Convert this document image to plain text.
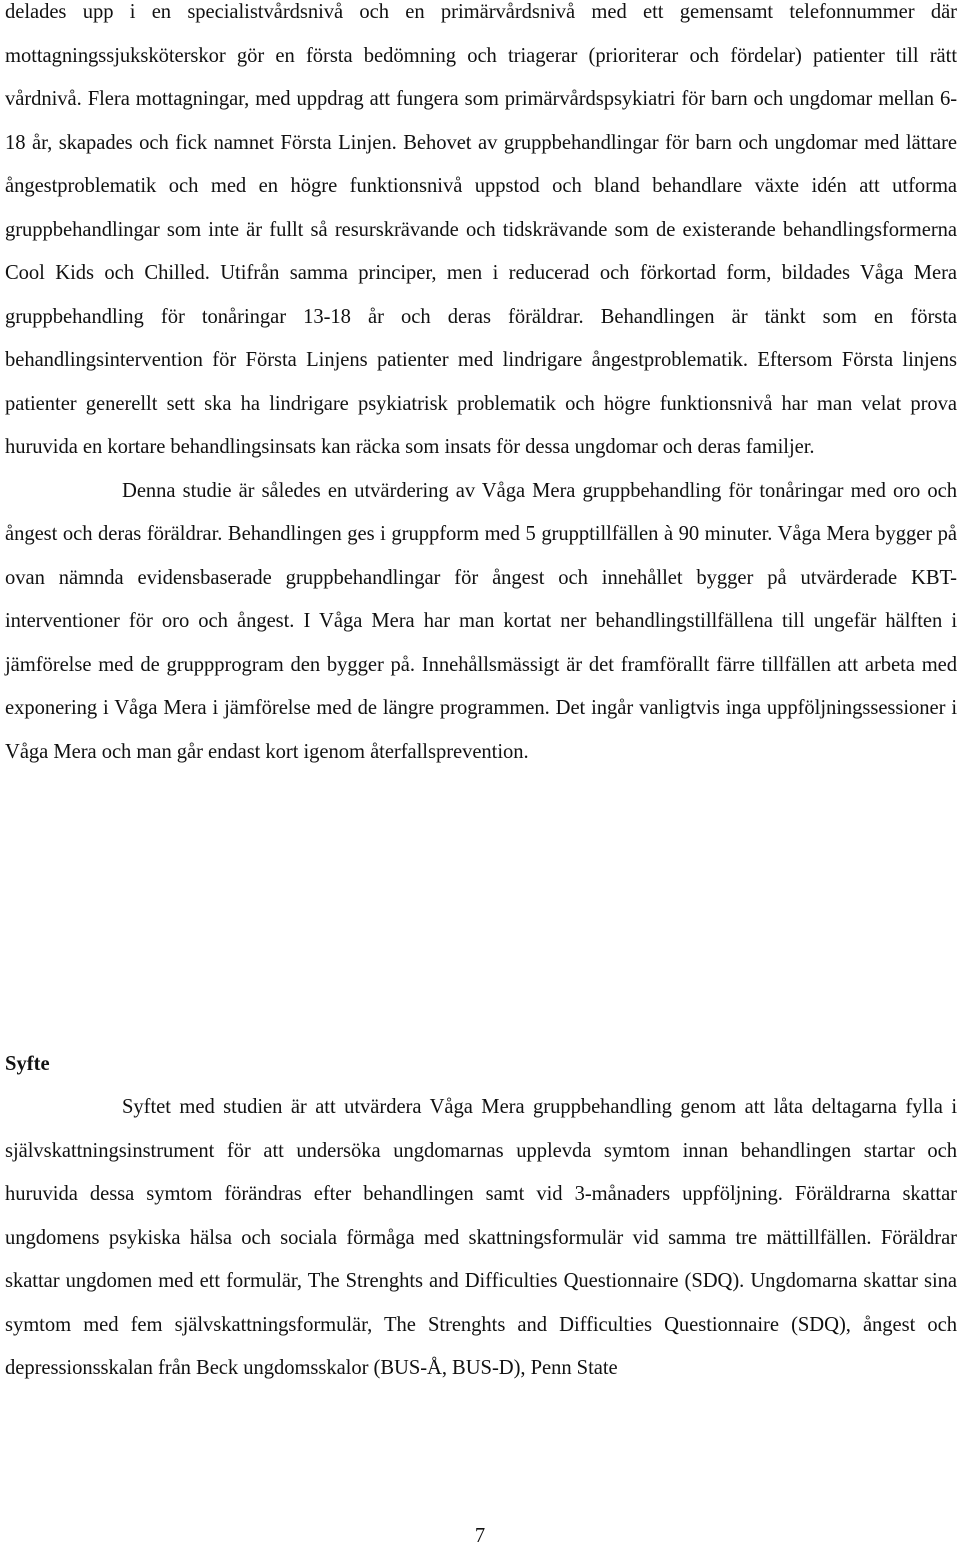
delades upp i en specialistvårdsnivå och en primärvårdsnivå med ett gemensamt telefonnummer där mottagningssjuksköterskor gör en första bedömning och triagerar (prioriterar och fördelar) patienter till rätt vårdnivå. Flera mottagningar, med uppdrag att fungera som primärvårdspsykiatri för barn och ungdomar mellan 6-18 år, skapades och fick namnet Första Linjen. Behovet av gruppbehandlingar för barn och ungdomar med lättare ångestproblematik och med en högre funktionsnivå uppstod och bland behandlare växte idén att utforma gruppbehandlingar som inte är fullt så resurskrävande och tidskrävande som de existerande behandlingsformerna Cool Kids och Chilled. Utifrån samma principer, men i reducerad och förkortad form, bildades Våga Mera gruppbehandling för tonåringar 13-18 år och deras föräldrar. Behandlingen är tänkt som en första behandlingsintervention för Första Linjens patienter med lindrigare ångestproblematik. Eftersom Första linjens patienter generellt sett ska ha lindrigare psykiatrisk problematik och högre funktionsnivå har man velat prova huruvida en kortare behandlingsinsats kan räcka som insats för dessa ungdomar och deras familjer.

Denna studie är således en utvärdering av Våga Mera gruppbehandling för tonåringar med oro och ångest och deras föräldrar. Behandlingen ges i gruppform med 5 grupptillfällen à 90 minuter. Våga Mera bygger på ovan nämnda evidensbaserade gruppbehandlingar för ångest och innehållet bygger på utvärderade KBT-interventioner för oro och ångest. I Våga Mera har man kortat ner behandlingstillfällena till ungefär hälften i jämförelse med de gruppprogram den bygger på. Innehållsmässigt är det framförallt färre tillfällen att arbeta med exponering i Våga Mera i jämförelse med de längre programmen. Det ingår vanligtvis inga uppföljningssessioner i Våga Mera och man går endast kort igenom återfallsprevention.

Syfte

Syftet med studien är att utvärdera Våga Mera gruppbehandling genom att låta deltagarna fylla i självskattningsinstrument för att undersöka ungdomarnas upplevda symtom innan behandlingen startar och huruvida dessa symtom förändras efter behandlingen samt vid 3-månaders uppföljning. Föräldrarna skattar ungdomens psykiska hälsa och sociala förmåga med skattningsformulär vid samma tre mättillfällen. Föräldrar skattar ungdomen med ett formulär, The Strenghts and Difficulties Questionnaire (SDQ). Ungdomarna skattar sina symtom med fem självskattningsformulär, The Strenghts and Difficulties Questionnaire (SDQ), ångest och depressionsskalan från Beck ungdomsskalor (BUS-Å, BUS-D), Penn State

7
